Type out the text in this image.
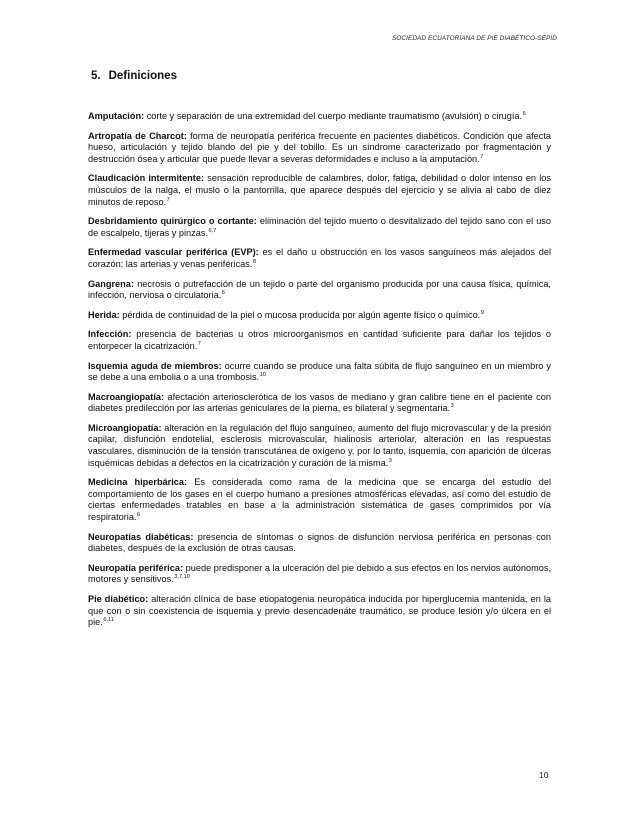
SOCIEDAD ECUATORIANA DE PIE DIABÉTICO-SEPID
5. Definiciones

Amputación: corte y separación de una extremidad del cuerpo mediante traumatismo (avulsión) o cirugía.$^6$

Artropatía de Charcot: forma de neuropatía periférica frecuente en pacientes diabéticos. Condición que afecta hueso, articulación y tejido blando del pie y del tobillo. Es un síndrome caracterizado por fragmentación y destrucción ósea y articular que puede llevar a severas deformidades e incluso a la amputación.$^7$

Claudicación intermitente: sensación reproducible de calambres, dolor, fatiga, debilidad o dolor intenso en los músculos de la nalga, el muslo o la pantorrilla, que aparece después del ejercicio y se alivia al cabo de diez minutos de reposo.$^7$

Desbridamiento quirúrgico o cortante: eliminación del tejido muerto o desvitalizado del tejido sano con el uso de escalpelo, tijeras y pinzas.$^{6,7}$

Enfermedad vascular periférica (EVP): es el daño u obstrucción en los vasos sanguíneos más alejados del corazón: las arterias y venas periféricas.$^8$

Gangrena: necrosis o putrefacción de un tejido o parte del organismo producida por una causa física, química, infección, nerviosa o circulatoria.$^6$

Herida: pérdida de continuidad de la piel o mucosa producida por algún agente físico o químico.$^9$

Infección: presencia de bacterias u otros microorganismos en cantidad suficiente para dañar los tejidos o entorpecer la cicatrización.$^7$

Isquemia aguda de miembros: ocurre cuando se produce una falta súbita de flujo sanguíneo en un miembro y se debe a una embolia o a una trombosis.$^{10}$

Macroangiopatía: afectación arteriosclerótica de los vasos de mediano y gran calibre tiene en el paciente con diabetes predilección por las arterias geniculares de la pierna, es bilateral y segmentaria.$^3$

Microangiopatía: alteración en la regulación del flujo sanguíneo, aumento del flujo microvascular y de la presión capilar, disfunción endotelial, esclerosis microvascular, hialinosis arteriolar, alteración en las respuestas vasculares, disminución de la tensión transcutánea de oxígeno y, por lo tanto, isquemia, con aparición de úlceras isquémicas debidas a defectos en la cicatrización y curación de la misma.$^3$

Medicina hiperbárica: Es considerada como rama de la medicina que se encarga del estudio del comportamiento de los gases en el cuerpo humano a presiones atmosféricas elevadas, así como del estudio de ciertas enfermedades tratables en base a la administración sistemática de gases comprimidos por vía respiratoria.$^6$

Neuropatías diabéticas: presencia de síntomas o signos de disfunción nerviosa periférica en personas con diabetes, después de la exclusión de otras causas.

Neuropatía periférica: puede predisponer a la ulceración del pie debido a sus efectos en los nervios autónomos, motores y sensitivos.$^{3,7,10}$

Pie diabético: alteración clínica de base etiopatogenia neuropática inducida por hiperglucemia mantenida, en la que con o sin coexistencia de isquemia y previo desencadenáte traumático, se produce lesión y/o úlcera en el pie.$^{6,11}$

10
